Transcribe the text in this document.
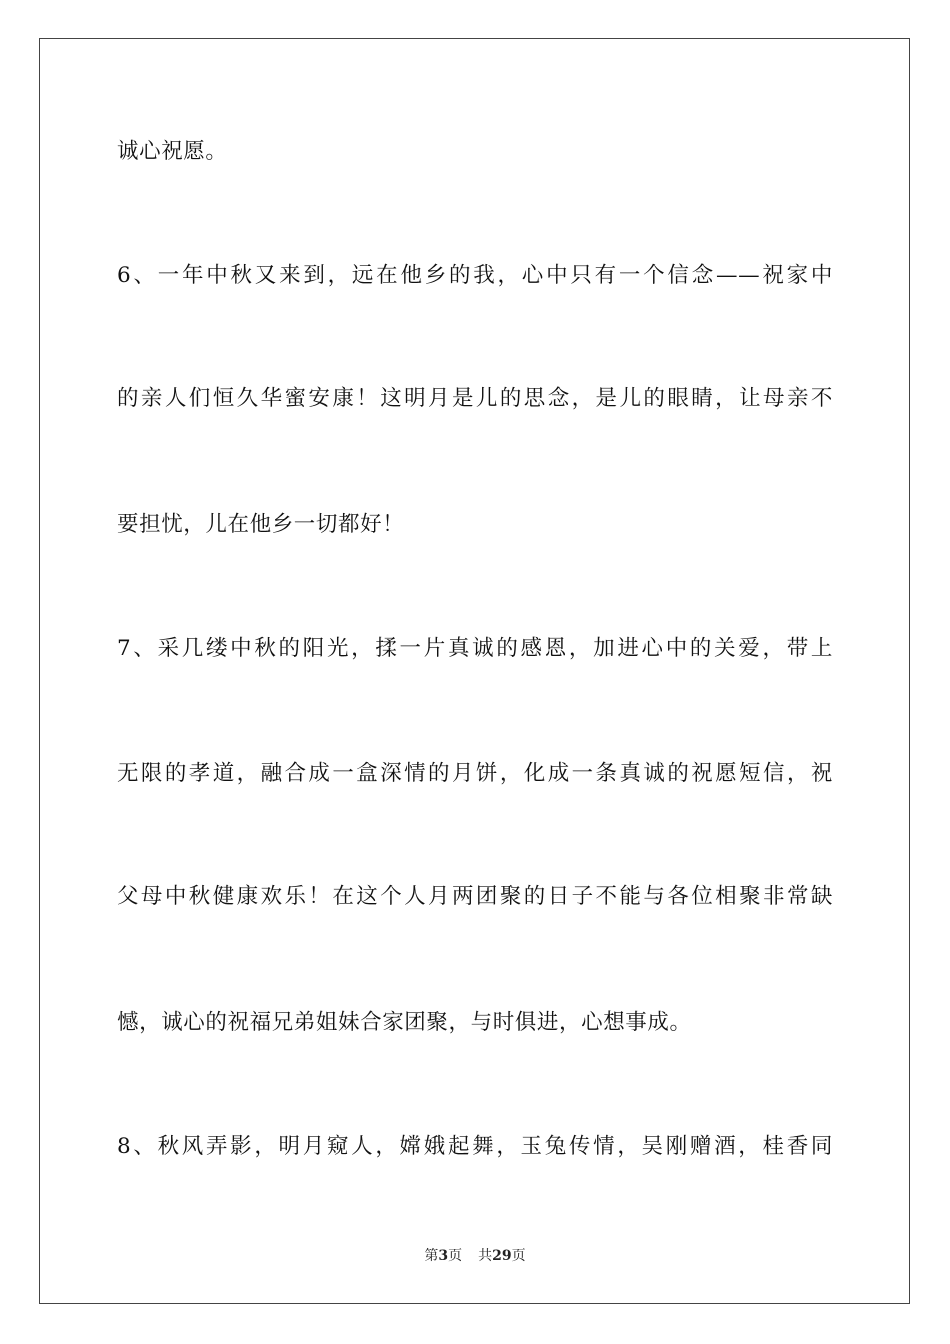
诚心祝愿。
6、一年中秋又来到，远在他乡的我，心中只有一个信念——祝家中
的亲人们恒久华蜜安康！这明月是儿的思念，是儿的眼睛，让母亲不
要担忧，儿在他乡一切都好！
7、采几缕中秋的阳光，揉一片真诚的感恩，加进心中的关爱，带上
无限的孝道，融合成一盒深情的月饼，化成一条真诚的祝愿短信，祝
父母中秋健康欢乐！在这个人月两团聚的日子不能与各位相聚非常缺
憾，诚心的祝福兄弟姐妹合家团聚，与时俱进，心想事成。
8、秋风弄影，明月窥人，嫦娥起舞，玉兔传情，吴刚赠酒，桂香同
第3页 共29页
